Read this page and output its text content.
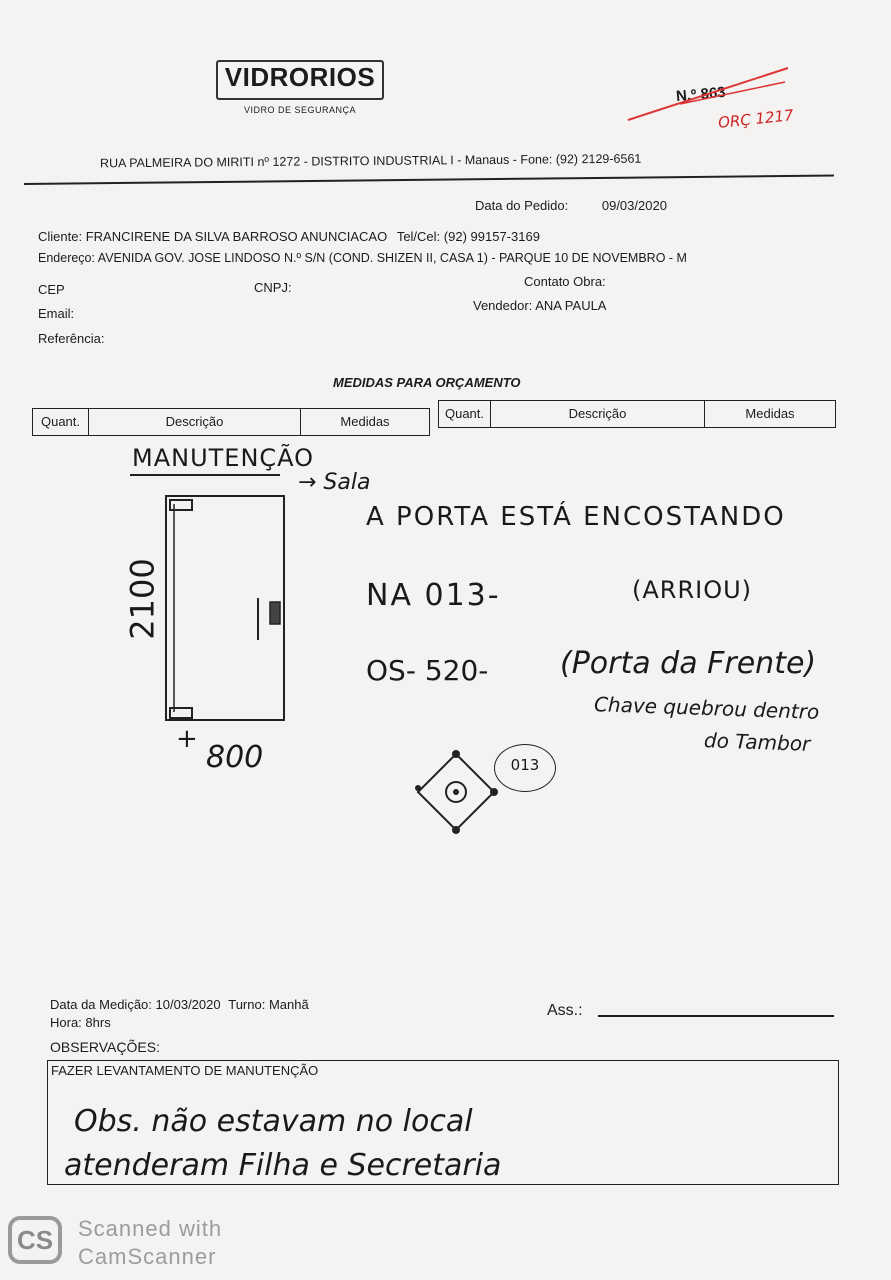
VIDRORIOS
VIDRO DE SEGURANÇA
N.º 863
ORÇ 1217
RUA PALMEIRA DO MIRITI nº 1272 - DISTRITO INDUSTRIAL I - Manaus - Fone: (92) 2129-6561
Data do Pedido:	09/03/2020
Cliente: FRANCIRENE DA SILVA BARROSO ANUNCIACAO Tel/Cel: (92) 99157-3169
Endereço: AVENIDA GOV. JOSE LINDOSO N.º S/N (COND. SHIZEN II, CASA 1) - PARQUE 10 DE NOVEMBRO - M
CEP	CNPJ:	Contato Obra:
Email:
Vendedor: ANA PAULA
Referência:
MEDIDAS PARA ORÇAMENTO
Quant.	Descrição	Medidas
Quant.	Descrição	Medidas
MANUTENÇÃO
→ Sala
A PORTA ESTÁ ENCOSTANDO
NA 013-	(ARRIOU)
OS- 520- (Porta da Frente)
Chave quebrou dentro
do Tambor
2100
+
800	013
Data da Medição: 10/03/2020 Turno: Manhã
Hora: 8hrs
Ass.:
OBSERVAÇÕES:
FAZER LEVANTAMENTO DE MANUTENÇÃO
Obs. não estavam no local
atenderam Filha e Secretaria
CS	Scanned with
CamScanner
